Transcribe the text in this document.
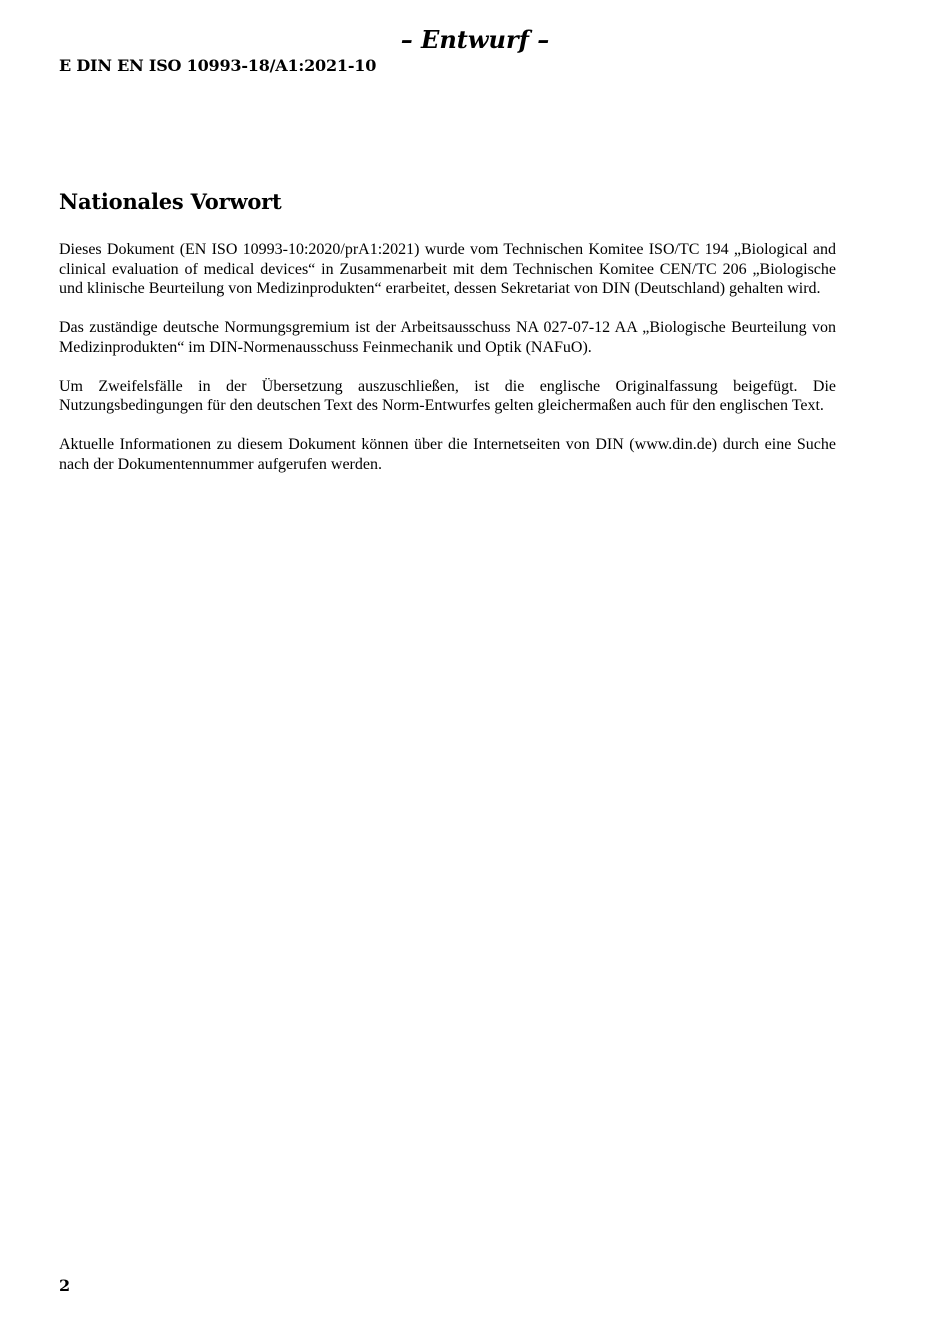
– Entwurf –
E DIN EN ISO 10993-18/A1:2021-10
Nationales Vorwort

Dieses Dokument (EN ISO 10993-10:2020/prA1:2021) wurde vom Technischen Komitee ISO/TC 194 „Biological and clinical evaluation of medical devices“ in Zusammenarbeit mit dem Technischen Komitee CEN/TC 206 „Biologische und klinische Beurteilung von Medizinprodukten“ erarbeitet, dessen Sekretariat von DIN (Deutschland) gehalten wird.

Das zuständige deutsche Normungsgremium ist der Arbeitsausschuss NA 027-07-12 AA „Biologische Beurteilung von Medizinprodukten“ im DIN-Normenausschuss Feinmechanik und Optik (NAFuO).

Um Zweifelsfälle in der Übersetzung auszuschließen, ist die englische Originalfassung beigefügt. Die Nutzungsbedingungen für den deutschen Text des Norm-Entwurfes gelten gleichermaßen auch für den englischen Text.

Aktuelle Informationen zu diesem Dokument können über die Internetseiten von DIN (www.din.de) durch eine Suche nach der Dokumentennummer aufgerufen werden.

2
